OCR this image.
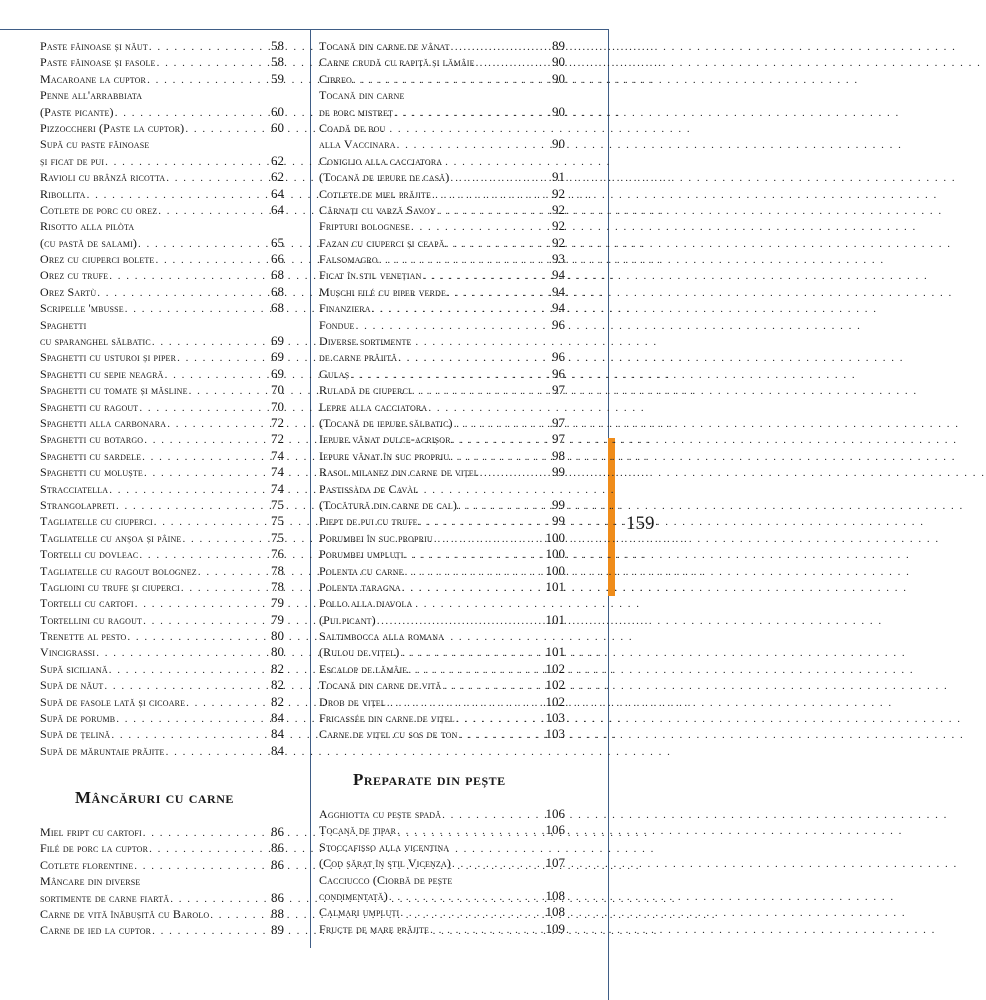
159
Paste făinoase și năut . . .	58
Paste făinoase și fasole . . .	58
Macaroane la cuptor . . .	59
Penne all'arrabbiata
(Paste picante) . . .	60
Pizzoccheri (Paste la cuptor) . . .	60
Supă cu paste făinoase
și ficat de pui . . .	62
Ravioli cu brânză ricotta . . .	62
Ribollita . . .	64
Cotlete de porc cu orez . . .	64
Risotto alla pilòta
(cu pastă de salami) . . .	65
Orez cu ciuperci bolete . . .	66
Orez cu trufe . . .	68
Orez Sartù . . .	68
Scripelle 'mbusse . . .	68
Spaghetti
cu sparanghel sălbatic . . .	69
Spaghetti cu usturoi și piper . . .	69
Spaghetti cu sepie neagră . . .	69
Spaghetti cu tomate și măsline . . .	70
Spaghetti cu ragout . . .	70
Spaghetti alla carbonara . . .	72
Spaghetti cu botargo . . .	72
Spaghetti cu sardele . . .	74
Spaghetti cu moluște . . .	74
Stracciatella . . .	74
Strangolapreti . . .	75
Tagliatelle cu ciuperci . . .	75
Tagliatelle cu anșoa și pâine . . .	75
Tortelli cu dovleac . . .	76
Tagliatelle cu ragout bolognez . . .	78
Taglioini cu trufe și ciuperci . . .	78
Tortelli cu cartofi . . .	79
Tortellini cu ragout . . .	79
Trenette al pesto . . .	80
Vincigrassi . . .	80
Supă siciliană . . .	82
Supă de năut . . .	82
Supă de fasole lată și cicoare . . .	82
Supă de porumb . . .	84
Supă de țelină . . .	84
Supă de măruntaie prăjite . . .	84
Mâncăruri cu carne
Miel fript cu cartofi . . .	86
Filé de porc la cuptor . . .	86
Cotlete florentine . . .	86
Mâncare din diverse
sortimente de carne fiartă . . .	86
Carne de vită înăbușită cu Barolo . . .	88
Carne de ied la cuptor . . .	89
Tocană din carne de vânat . . .	89
Carne crudă cu rapiță și lămâie . . .	90
Cibreo . . .	90
Tocană din carne
de porc mistreț . . .	90
Coadă de bou
alla Vaccinara . . .	90
Coniglio alla cacciatora
(Tocană de iepure de casă) . . .	91
Cotlete de miel prăjite . . .	92
Cârnați cu varză Savoy . . .	92
Fripturi bolognese . . .	92
Fazan cu ciuperci și ceapă . . .	92
Falsomagro . . .	93
Ficat în stil venețian . . .	94
Mușchi filé cu piper verde . . .	94
Finanziera . . .	94
Fondue . . .	96
Diverse sortimente
de carne prăjită . . .	96
Gulaș . . .	96
Ruladă de ciuperci . . .	97
Lepre alla cacciatora
(Tocană de iepure sălbatic) . . .	97
Iepure vânat dulce-acrișor . . .	97
Iepure vânat în suc propriu . . .	98
Rasol milanez din carne de vițel . . .	99
Pastissàda de Cavàl
(Tocătură din carne de cal) . . .	99
Piept de pui cu trufe . . .	99
Porumbei în suc propriu . . .	100
Porumbei umpluți . . .	100
Polenta cu carne . . .	100
Polenta taragna . . .	101
Pollo alla diavola
(Pui picant) . . .	101
Saltimbocca alla romana
(Rulou de vițel) . . .	101
Escalop de lămâie . . .	102
Tocană din carne de vită . . .	102
Drob de vițel . . .	102
Fricassée din carne de vițel . . .	103
Carne de vițel cu sos de ton . . .	103
Preparate din pește
Agghiotta cu pește spadă . . .	106
Tocană de țipar . . .	106
Stoccafisso alla vicentina
(Cod sărat în stil Vicenza) . . .	107
Cacciucco (Ciorbă de pește
condimentată) . . .	108
Calmari umpluți . . .	108
Fructe de mare prăjite . . .	109
